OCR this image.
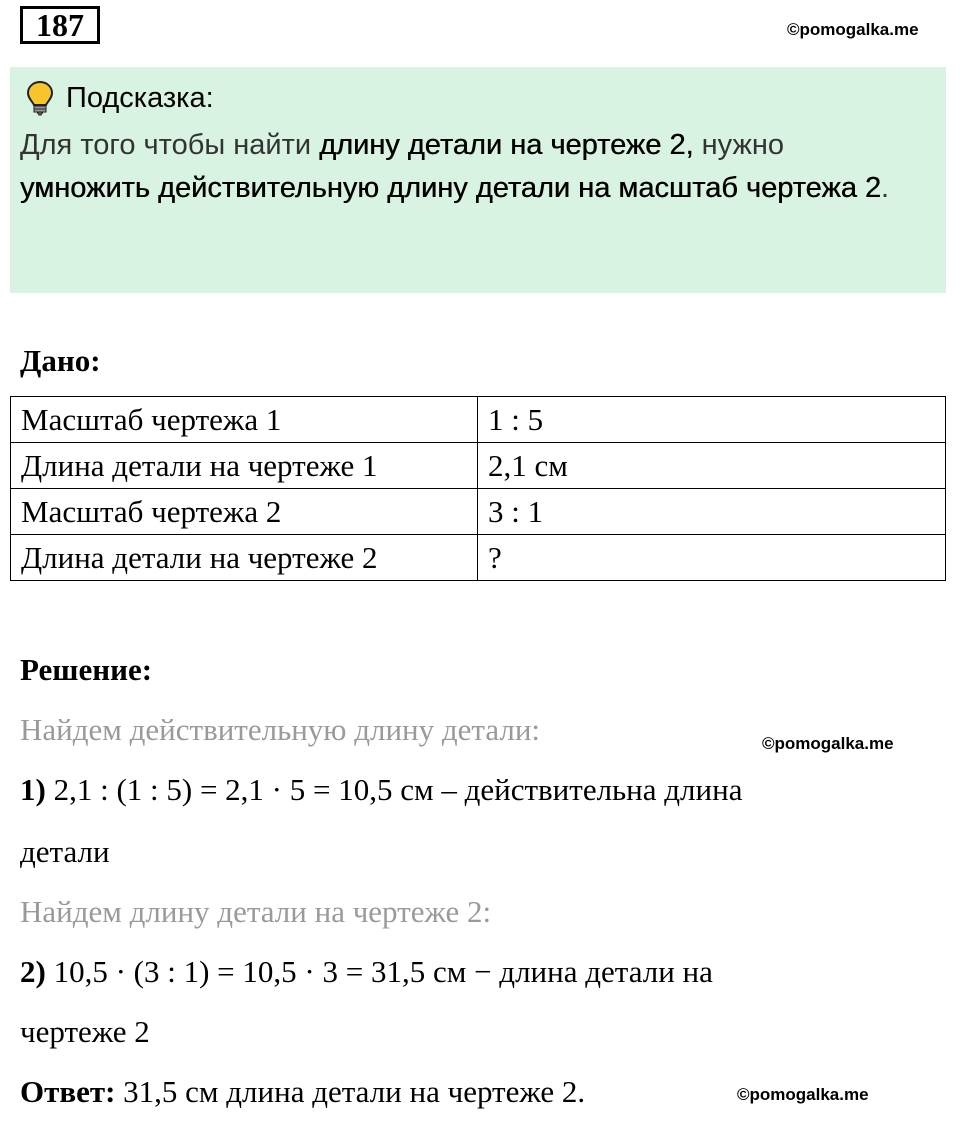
187	©pomogalka.me
Подсказка:
Для того чтобы найти длину детали на чертеже 2, нужно умножить действительную длину детали на масштаб чертежа 2.
Дано:
Масштаб чертежа 1	1 : 5
Длина детали на чертеже 1	2,1 см
Масштаб чертежа 2	3 : 1
Длина детали на чертеже 2	?
Решение:
Найдем действительную длину детали:	©pomogalka.me
1) 2,1 : (1 : 5) = 2,1 · 5 = 10,5 см – действительна длина
детали
Найдем длину детали на чертеже 2:
2) 10,5 · (3 : 1) = 10,5 · 3 = 31,5 см − длина детали на
чертеже 2
Ответ: 31,5 см длина детали на чертеже 2.	©pomogalka.me
